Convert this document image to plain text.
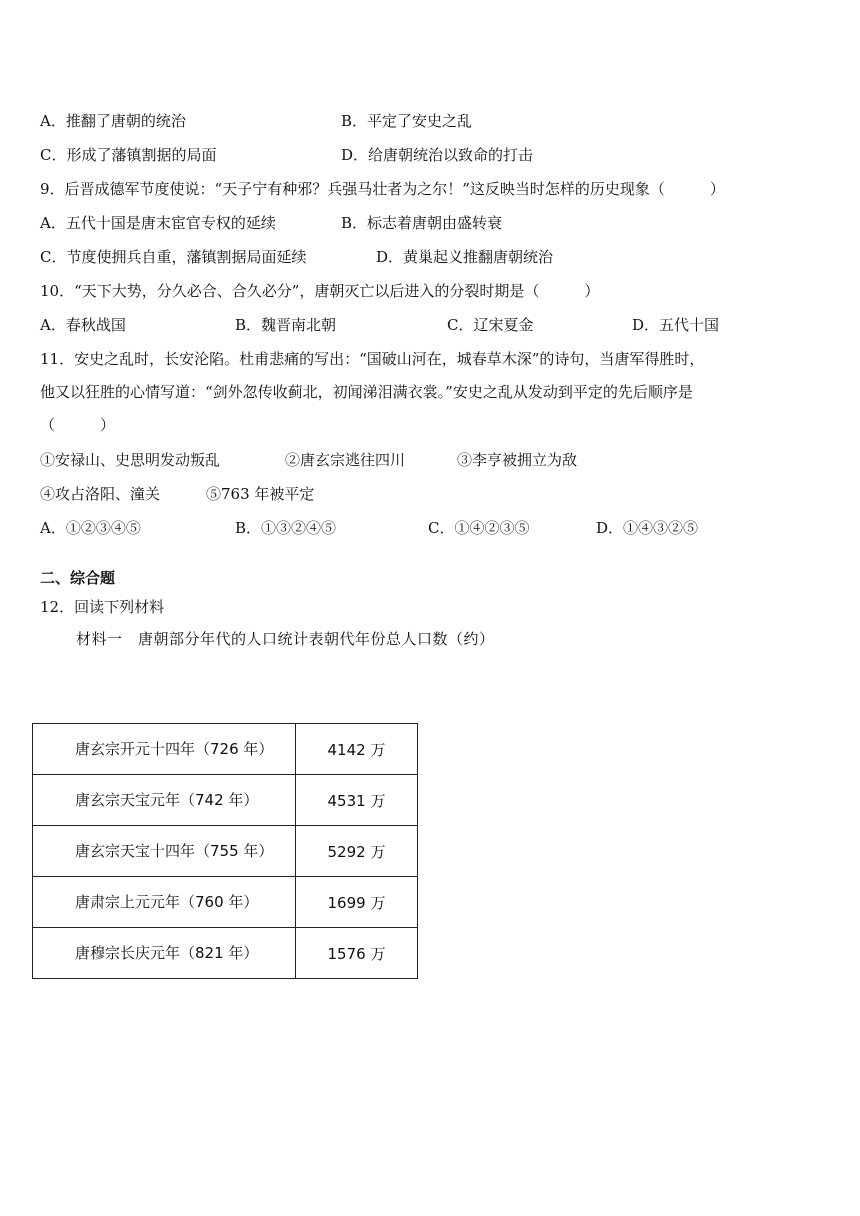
A．推翻了唐朝的统治	B．平定了安史之乱
C．形成了藩镇割据的局面	D．给唐朝统治以致命的打击
9．后晋成德军节度使说：“天子宁有种邪？兵强马壮者为之尔！”这反映当时怎样的历史现象（　　　）
A．五代十国是唐末宦官专权的延续	B．标志着唐朝由盛转衰
C．节度使拥兵自重，藩镇割据局面延续	D．黄巢起义推翻唐朝统治
10．“天下大势，分久必合、合久必分”，唐朝灭亡以后进入的分裂时期是（　　　）
A．春秋战国	B．魏晋南北朝	C．辽宋夏金	D．五代十国
11．安史之乱时，长安沦陷。杜甫悲痛的写出：“国破山河在，城春草木深”的诗句，当唐军得胜时，
他又以狂胜的心情写道：“剑外忽传收蓟北，初闻涕泪满衣裳。”安史之乱从发动到平定的先后顺序是
（　　　）
①安禄山、史思明发动叛乱	②唐玄宗逃往四川	③李亨被拥立为敌
④攻占洛阳、潼关	⑤763 年被平定
A．①②③④⑤	B．①③②④⑤	C．①④②③⑤	D．①④③②⑤
二、综合题
12．回读下列材料
材料一　唐朝部分年代的人口统计表朝代年份总人口数（约）
唐玄宗开元十四年（726 年）	4142 万
唐玄宗天宝元年（742 年）	4531 万
唐玄宗天宝十四年（755 年）	5292 万
唐肃宗上元元年（760 年）	1699 万
唐穆宗长庆元年（821 年）	1576 万
